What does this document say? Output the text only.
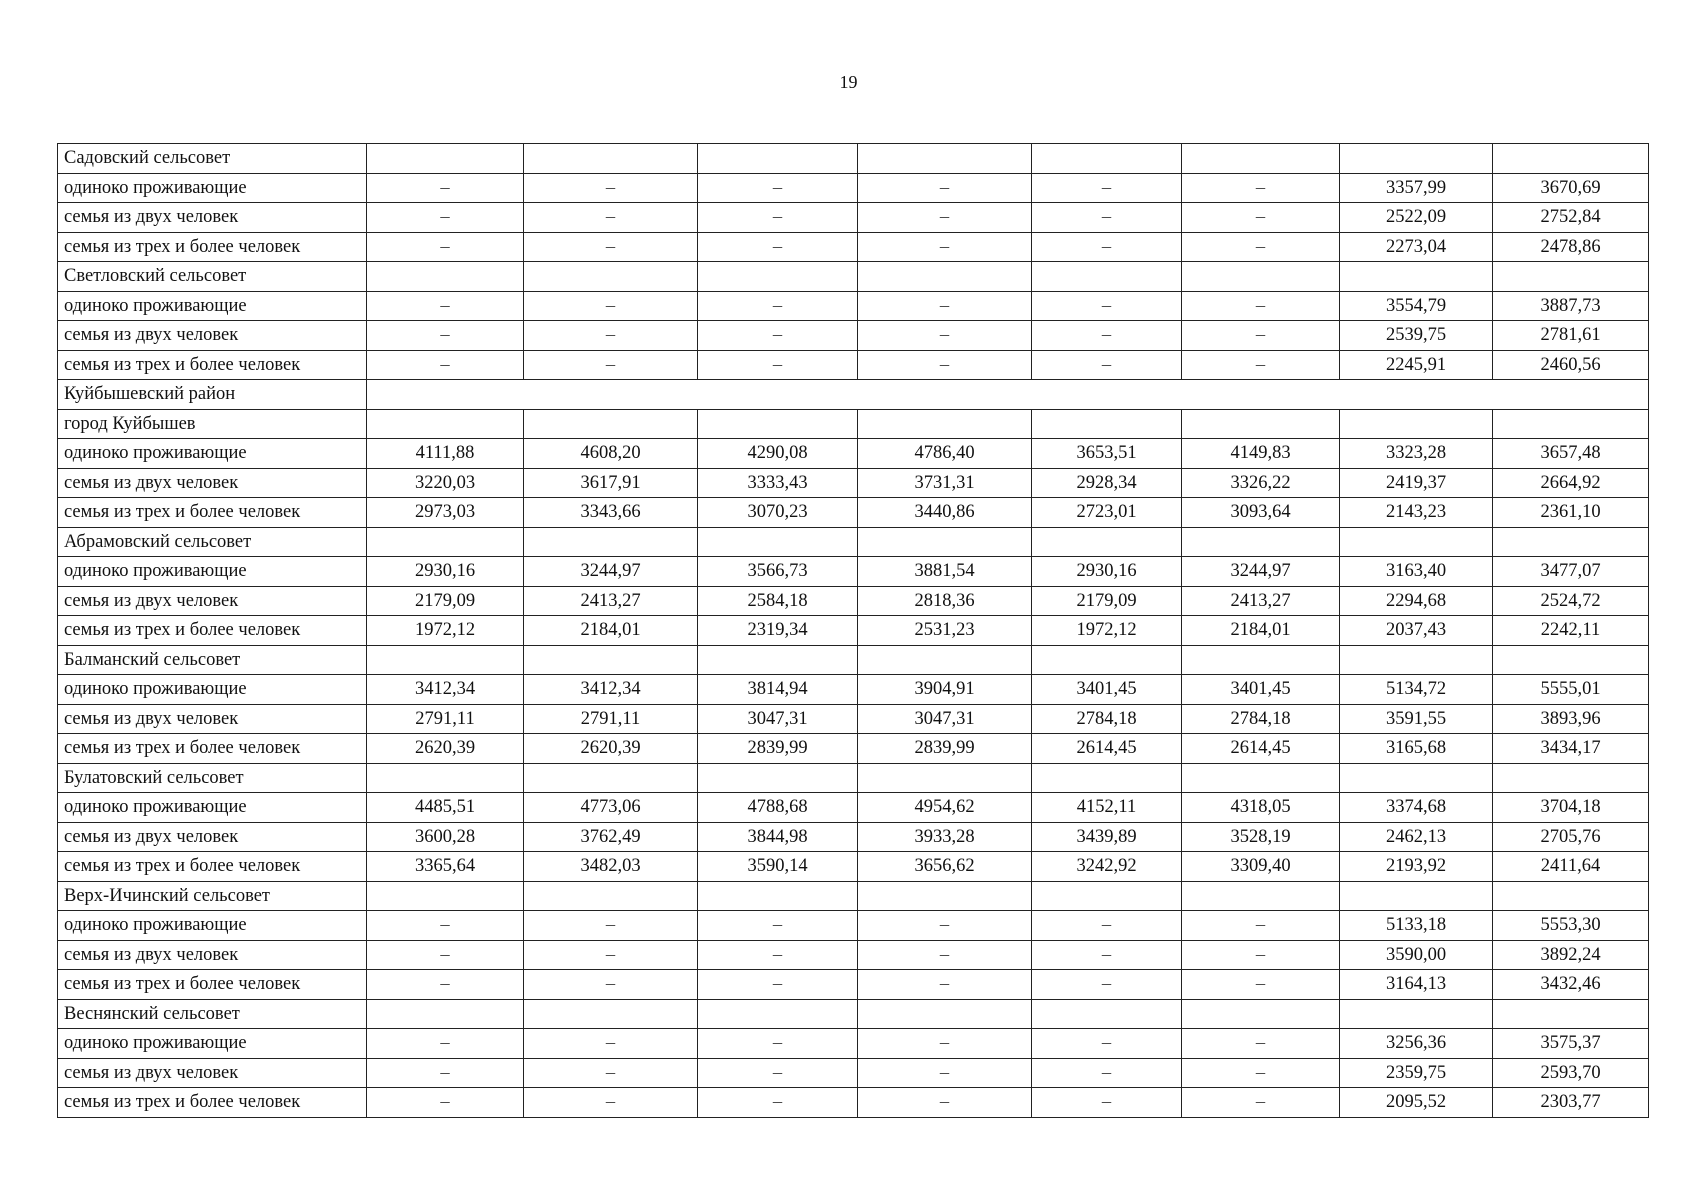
19
Садовский сельсовет								
одиноко проживающие	–	–	–	–	–	–	3357,99	3670,69
семья из двух человек	–	–	–	–	–	–	2522,09	2752,84
семья из трех и более человек	–	–	–	–	–	–	2273,04	2478,86
Светловский сельсовет								
одиноко проживающие	–	–	–	–	–	–	3554,79	3887,73
семья из двух человек	–	–	–	–	–	–	2539,75	2781,61
семья из трех и более человек	–	–	–	–	–	–	2245,91	2460,56
Куйбышевский район								
город Куйбышев								
одиноко проживающие	4111,88	4608,20	4290,08	4786,40	3653,51	4149,83	3323,28	3657,48
семья из двух человек	3220,03	3617,91	3333,43	3731,31	2928,34	3326,22	2419,37	2664,92
семья из трех и более человек	2973,03	3343,66	3070,23	3440,86	2723,01	3093,64	2143,23	2361,10
Абрамовский сельсовет								
одиноко проживающие	2930,16	3244,97	3566,73	3881,54	2930,16	3244,97	3163,40	3477,07
семья из двух человек	2179,09	2413,27	2584,18	2818,36	2179,09	2413,27	2294,68	2524,72
семья из трех и более человек	1972,12	2184,01	2319,34	2531,23	1972,12	2184,01	2037,43	2242,11
Балманский сельсовет								
одиноко проживающие	3412,34	3412,34	3814,94	3904,91	3401,45	3401,45	5134,72	5555,01
семья из двух человек	2791,11	2791,11	3047,31	3047,31	2784,18	2784,18	3591,55	3893,96
семья из трех и более человек	2620,39	2620,39	2839,99	2839,99	2614,45	2614,45	3165,68	3434,17
Булатовский сельсовет								
одиноко проживающие	4485,51	4773,06	4788,68	4954,62	4152,11	4318,05	3374,68	3704,18
семья из двух человек	3600,28	3762,49	3844,98	3933,28	3439,89	3528,19	2462,13	2705,76
семья из трех и более человек	3365,64	3482,03	3590,14	3656,62	3242,92	3309,40	2193,92	2411,64
Верх-Ичинский сельсовет								
одиноко проживающие	–	–	–	–	–	–	5133,18	5553,30
семья из двух человек	–	–	–	–	–	–	3590,00	3892,24
семья из трех и более человек	–	–	–	–	–	–	3164,13	3432,46
Веснянский сельсовет								
одиноко проживающие	–	–	–	–	–	–	3256,36	3575,37
семья из двух человек	–	–	–	–	–	–	2359,75	2593,70
семья из трех и более человек	–	–	–	–	–	–	2095,52	2303,77
